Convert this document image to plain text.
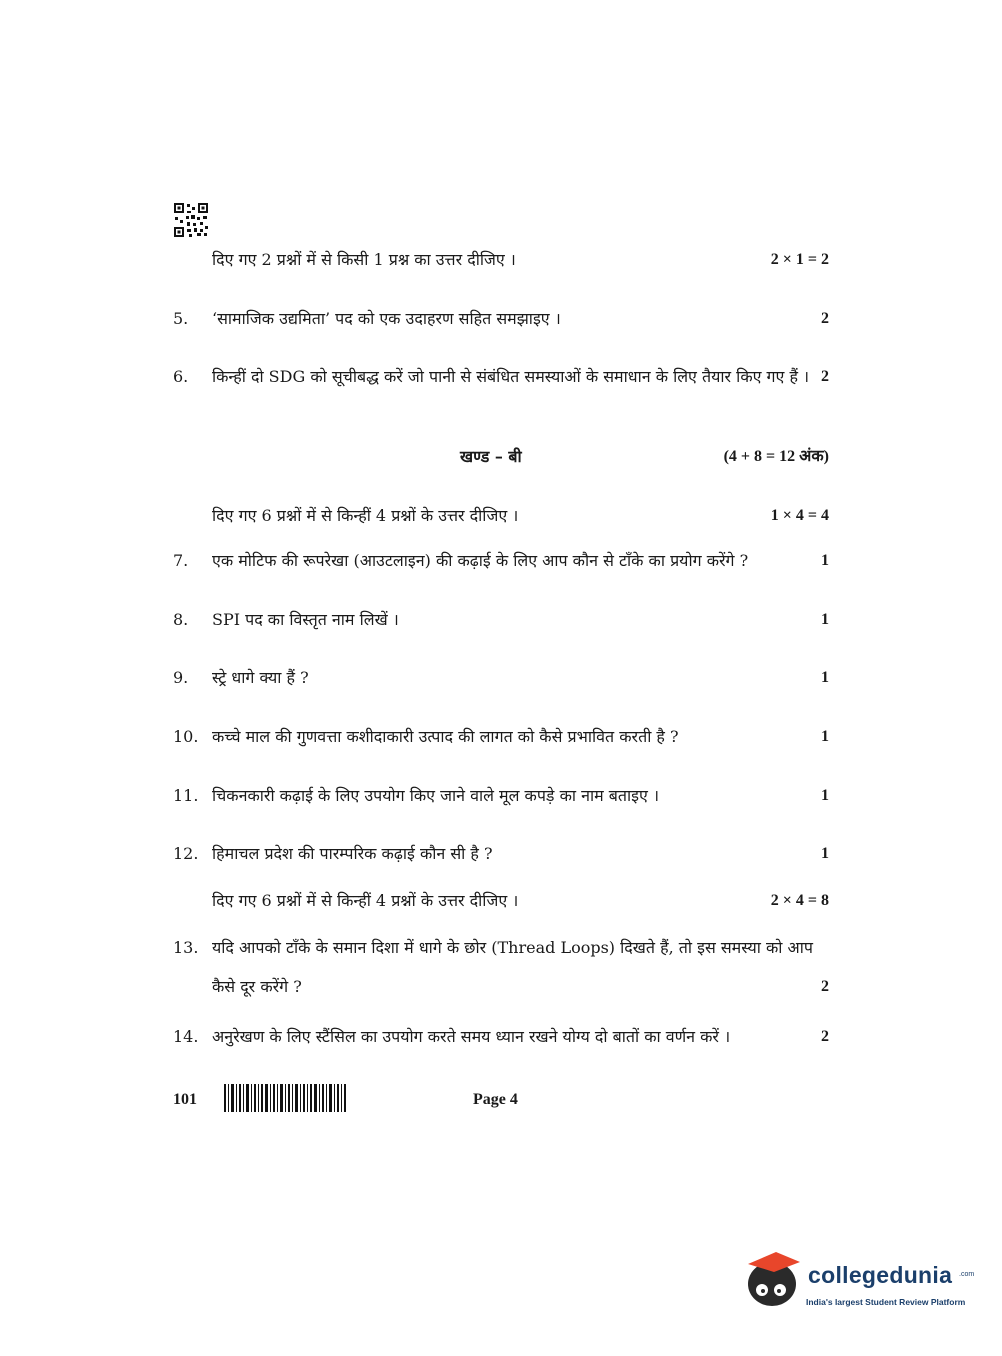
दिए गए 2 प्रश्नों में से किसी 1 प्रश्न का उत्तर दीजिए ।	2 × 1 = 2
5. ‘सामाजिक उद्यमिता’ पद को एक उदाहरण सहित समझाइए ।	2
6. किन्हीं दो SDG को सूचीबद्ध करें जो पानी से संबंधित समस्याओं के समाधान के लिए तैयार किए गए हैं । 2
खण्ड – बी	(4 + 8 = 12 अंक)
दिए गए 6 प्रश्नों में से किन्हीं 4 प्रश्नों के उत्तर दीजिए ।	1 × 4 = 4
7. एक मोटिफ की रूपरेखा (आउटलाइन) की कढ़ाई के लिए आप कौन से टाँके का प्रयोग करेंगे ?	1
8. SPI पद का विस्तृत नाम लिखें ।	1
9. स्ट्रे धागे क्या हैं ?	1
10. कच्चे माल की गुणवत्ता कशीदाकारी उत्पाद की लागत को कैसे प्रभावित करती है ?	1
11. चिकनकारी कढ़ाई के लिए उपयोग किए जाने वाले मूल कपड़े का नाम बताइए ।	1
12. हिमाचल प्रदेश की पारम्परिक कढ़ाई कौन सी है ?	1
दिए गए 6 प्रश्नों में से किन्हीं 4 प्रश्नों के उत्तर दीजिए ।	2 × 4 = 8
13. यदि आपको टाँके के समान दिशा में धागे के छोर (Thread Loops) दिखते हैं, तो इस समस्या को आप
कैसे दूर करेंगे ?	2
14. अनुरेखण के लिए स्टैंसिल का उपयोग करते समय ध्यान रखने योग्य दो बातों का वर्णन करें ।	2
101	Page 4
.com
collegedunia
India's largest Student Review Platform
